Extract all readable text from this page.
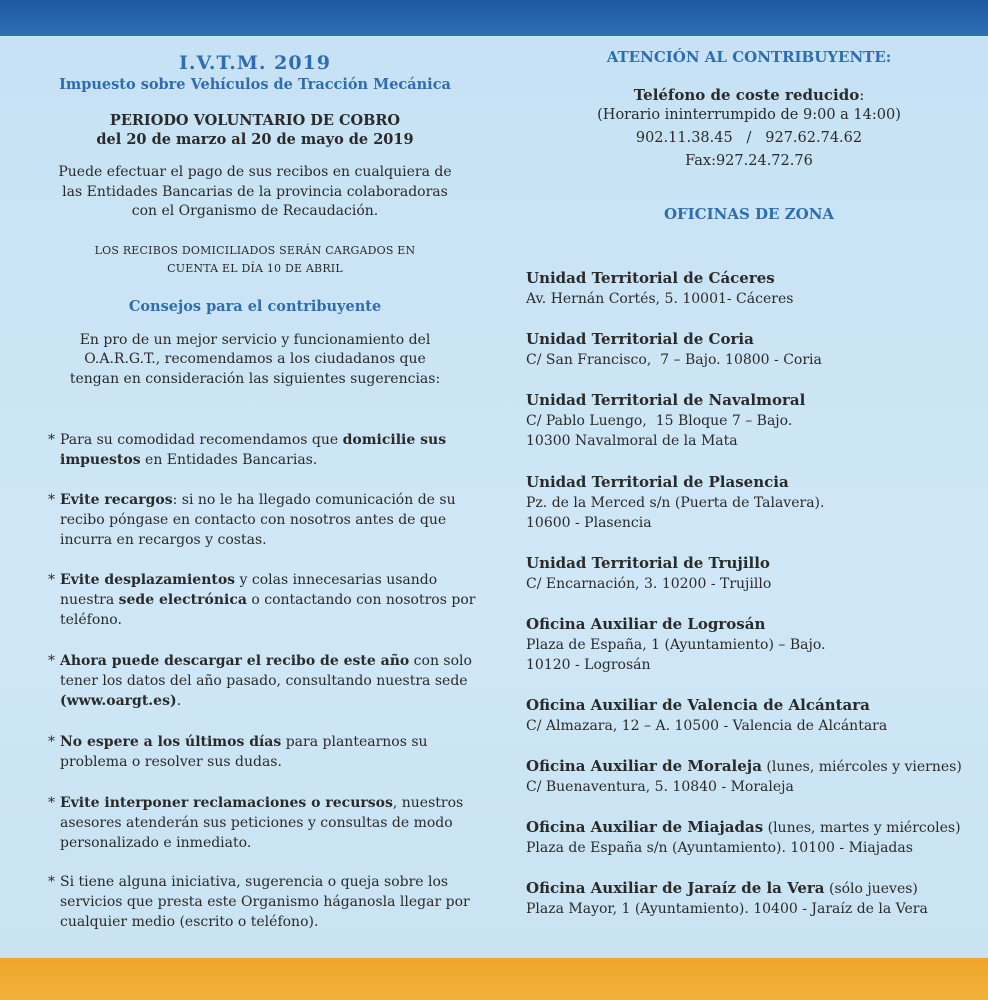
I.V.T.M. 2019
Impuesto sobre Vehículos de Tracción Mecánica
PERIODO VOLUNTARIO DE COBRO
del 20 de marzo al 20 de mayo de 2019
Puede efectuar el pago de sus recibos en cualquiera de las Entidades Bancarias de la provincia colaboradoras con el Organismo de Recaudación.
LOS RECIBOS DOMICILIADOS SERÁN CARGADOS EN
CUENTA EL DÍA 10 DE ABRIL
Consejos para el contribuyente
En pro de un mejor servicio y funcionamiento del O.A.R.G.T., recomendamos a los ciudadanos que tengan en consideración las siguientes sugerencias:
* Para su comodidad recomendamos que domicilie sus impuestos en Entidades Bancarias.
* Evite recargos: si no le ha llegado comunicación de su recibo póngase en contacto con nosotros antes de que incurra en recargos y costas.
* Evite desplazamientos y colas innecesarias usando nuestra sede electrónica o contactando con nosotros por teléfono.
* Ahora puede descargar el recibo de este año con solo tener los datos del año pasado, consultando nuestra sede (www.oargt.es).
* No espere a los últimos días para plantearnos su problema o resolver sus dudas.
* Evite interponer reclamaciones o recursos, nuestros asesores atenderán sus peticiones y consultas de modo personalizado e inmediato.
* Si tiene alguna iniciativa, sugerencia o queja sobre los servicios que presta este Organismo háganosla llegar por cualquier medio (escrito o teléfono).
ATENCIÓN AL CONTRIBUYENTE:
Teléfono de coste reducido:
(Horario ininterrumpido de 9:00 a 14:00)
902.11.38.45   /   927.62.74.62
Fax:927.24.72.76
OFICINAS DE ZONA
Unidad Territorial de Cáceres
Av. Hernán Cortés, 5. 10001- Cáceres
Unidad Territorial de Coria
C/ San Francisco,  7 – Bajo. 10800 - Coria
Unidad Territorial de Navalmoral
C/ Pablo Luengo,  15 Bloque 7 – Bajo.
10300 Navalmoral de la Mata
Unidad Territorial de Plasencia
Pz. de la Merced s/n (Puerta de Talavera).
10600 - Plasencia
Unidad Territorial de Trujillo
C/ Encarnación, 3. 10200 - Trujillo
Oficina Auxiliar de Logrosán
Plaza de España, 1 (Ayuntamiento) – Bajo.
10120 - Logrosán
Oficina Auxiliar de Valencia de Alcántara
C/ Almazara, 12 – A. 10500 - Valencia de Alcántara
Oficina Auxiliar de Moraleja (lunes, miércoles y viernes)
C/ Buenaventura, 5. 10840 - Moraleja
Oficina Auxiliar de Miajadas (lunes, martes y miércoles)
Plaza de España s/n (Ayuntamiento). 10100 - Miajadas
Oficina Auxiliar de Jaraíz de la Vera (sólo jueves)
Plaza Mayor, 1 (Ayuntamiento). 10400 - Jaraíz de la Vera
